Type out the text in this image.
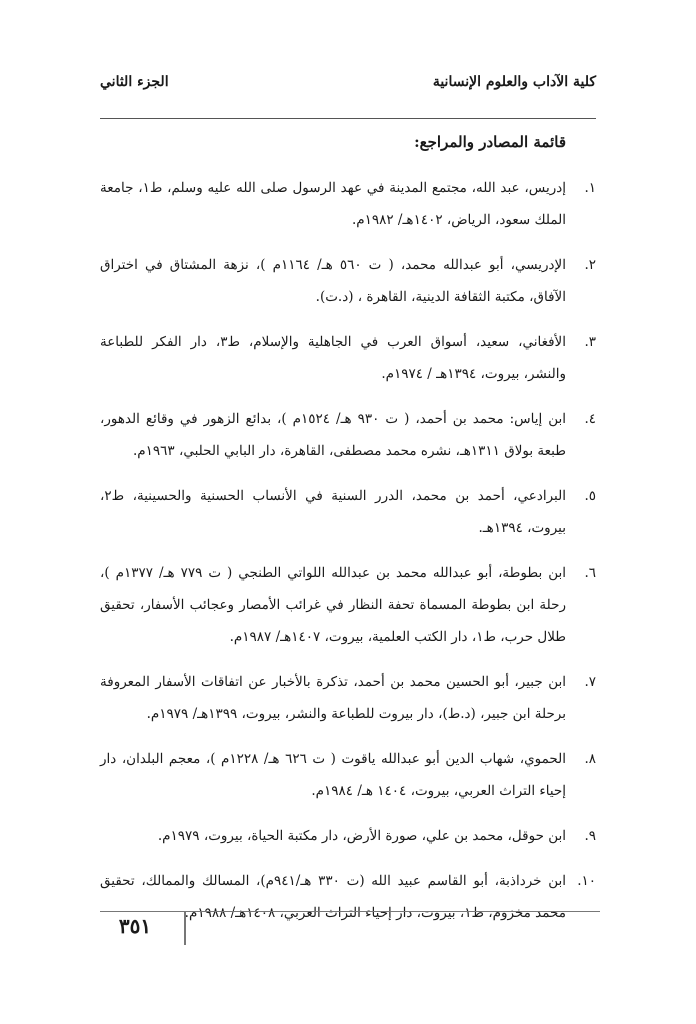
كلية الآداب والعلوم الإنسانية
الجزء الثاني
قائمة المصادر والمراجع:
١.
إدريس، عبد الله، مجتمع المدينة في عهد الرسول صلى الله عليه وسلم، ط١، جامعة الملك سعود، الرياض، ١٤٠٢هـ/ ١٩٨٢م.
٢.
الإدريسي، أبو عبدالله محمد، ( ت ٥٦٠ هـ/ ١١٦٤م )، نزهة المشتاق في اختراق الآفاق، مكتبة الثقافة الدينية، القاهرة ، (د.ت).
٣.
الأفغاني، سعيد، أسواق العرب في الجاهلية والإسلام، ط٣، دار الفكر للطباعة والنشر، بيروت، ١٣٩٤هـ / ١٩٧٤م.
٤.
ابن إياس: محمد بن أحمد، ( ت ٩٣٠ هـ/ ١٥٢٤م )، بدائع الزهور في وقائع الدهور، طبعة بولاق ١٣١١هـ، نشره محمد مصطفى، القاهرة، دار البابي الحلبي، ١٩٦٣م.
٥.
البرادعي، أحمد بن محمد، الدرر السنية في الأنساب الحسنية والحسينية، ط٢، بيروت، ١٣٩٤هـ.
٦.
ابن بطوطة، أبو عبدالله محمد بن عبدالله اللواتي الطنجي ( ت ٧٧٩ هـ/ ١٣٧٧م )، رحلة ابن بطوطة المسماة تحفة النظار في غرائب الأمصار وعجائب الأسفار، تحقيق طلال حرب، ط١، دار الكتب العلمية، بيروت، ١٤٠٧هـ/ ١٩٨٧م.
٧.
ابن جبير، أبو الحسين محمد بن أحمد، تذكرة بالأخبار عن اتفاقات الأسفار المعروفة برحلة ابن جبير، (د.ط)، دار بيروت للطباعة والنشر، بيروت، ١٣٩٩هـ/ ١٩٧٩م.
٨.
الحموي، شهاب الدين أبو عبدالله ياقوت ( ت ٦٢٦ هـ/ ١٢٢٨م )، معجم البلدان، دار إحياء التراث العربي، بيروت، ١٤٠٤ هـ/ ١٩٨٤م.
٩.
ابن حوقل، محمد بن علي، صورة الأرض، دار مكتبة الحياة، بيروت، ١٩٧٩م.
١٠.
ابن خرداذبة، أبو القاسم عبيد الله (ت ٣٣٠ هـ/٩٤١م)، المسالك والممالك، تحقيق محمد مخزوم، ط١، بيروت، دار إحياء التراث العربي، ١٤٠٨هـ/ ١٩٨٨م.
٣٥١
